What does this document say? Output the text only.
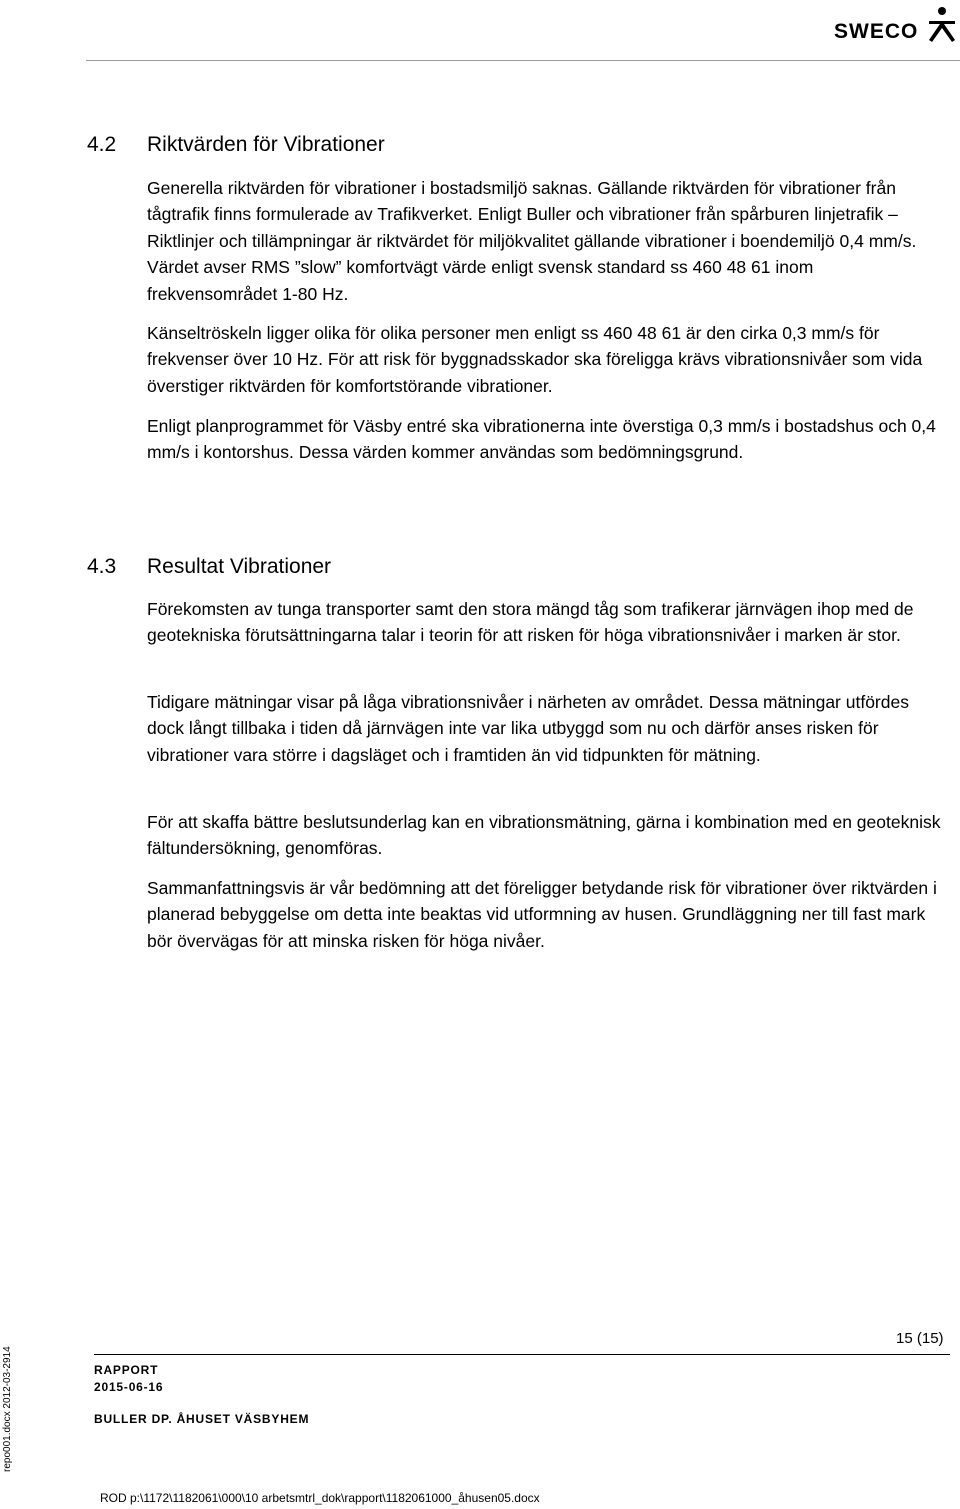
SWECO
4.2 Riktvärden för Vibrationer

Generella riktvärden för vibrationer i bostadsmiljö saknas. Gällande riktvärden för vibrationer från tågtrafik finns formulerade av Trafikverket. Enligt Buller och vibrationer från spårburen linjetrafik – Riktlinjer och tillämpningar är riktvärdet för miljökvalitet gällande vibrationer i boendemiljö 0,4 mm/s. Värdet avser RMS ”slow” komfortvägt värde enligt svensk standard ss 460 48 61 inom frekvensområdet 1-80 Hz.

Känseltröskeln ligger olika för olika personer men enligt ss 460 48 61 är den cirka 0,3 mm/s för frekvenser över 10 Hz. För att risk för byggnadsskador ska föreligga krävs vibrationsnivåer som vida överstiger riktvärden för komfortstörande vibrationer.

Enligt planprogrammet för Väsby entré ska vibrationerna inte överstiga 0,3 mm/s i bostadshus och 0,4 mm/s i kontorshus. Dessa värden kommer användas som bedömningsgrund.

4.3 Resultat Vibrationer

Förekomsten av tunga transporter samt den stora mängd tåg som trafikerar järnvägen ihop med de geotekniska förutsättningarna talar i teorin för att risken för höga vibrationsnivåer i marken är stor.

Tidigare mätningar visar på låga vibrationsnivåer i närheten av området. Dessa mätningar utfördes dock långt tillbaka i tiden då järnvägen inte var lika utbyggd som nu och därför anses risken för vibrationer vara större i dagsläget och i framtiden än vid tidpunkten för mätning.

För att skaffa bättre beslutsunderlag kan en vibrationsmätning, gärna i kombination med en geoteknisk fältundersökning, genomföras.

Sammanfattningsvis är vår bedömning att det föreligger betydande risk för vibrationer över riktvärden i planerad bebyggelse om detta inte beaktas vid utformning av husen. Grundläggning ner till fast mark bör övervägas för att minska risken för höga nivåer.

15 (15)
RAPPORT
2015-06-16
BULLER DP. ÅHUSET VÄSBYHEM
ROD p:\1172\1182061\000\10 arbetsmtrl_dok\rapport\1182061000_åhusen05.docx
repo001.docx 2012-03-2914
